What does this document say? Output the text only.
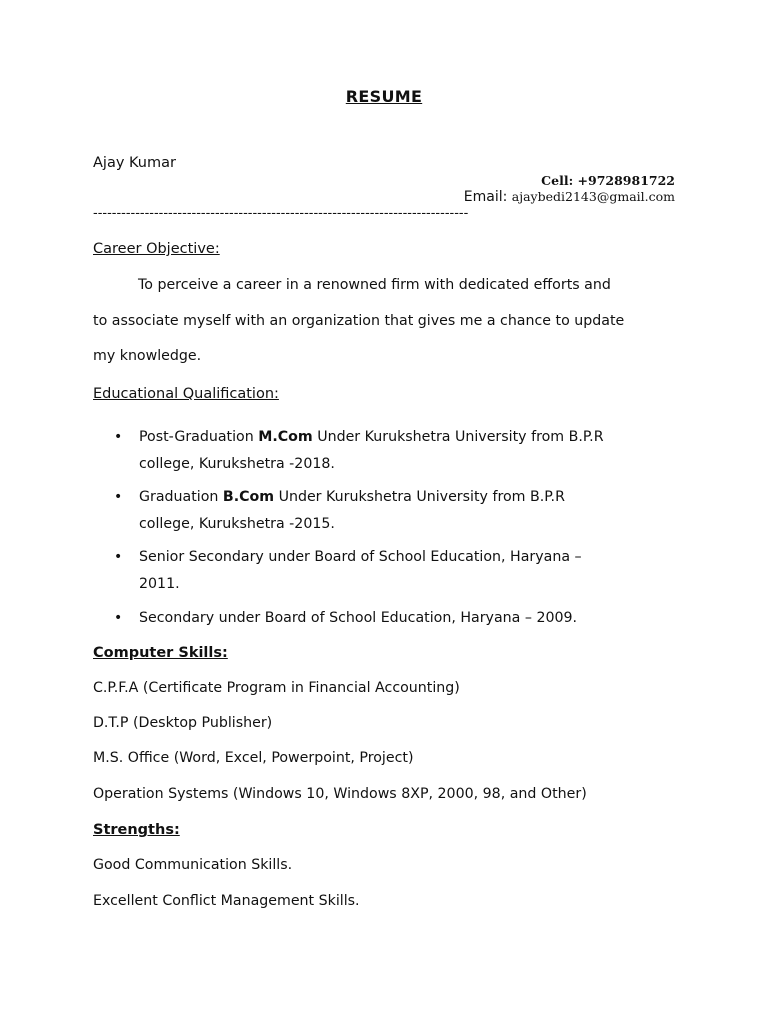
RESUME
Ajay Kumar
Cell: +9728981722
Email: ajaybedi2143@gmail.com
--------------------------------------------------------------------------------
Career Objective:
To perceive a career in a renowned firm with dedicated efforts and
to associate myself with an organization that gives me a chance to update
my knowledge.
Educational Qualification:
• Post-Graduation M.Com Under Kurukshetra University from B.P.R
college, Kurukshetra -2018.
• Graduation B.Com Under Kurukshetra University from B.P.R
college, Kurukshetra -2015.
• Senior Secondary under Board of School Education, Haryana –
2011.
• Secondary under Board of School Education, Haryana – 2009.
Computer Skills:
C.P.F.A (Certificate Program in Financial Accounting)
D.T.P (Desktop Publisher)
M.S. Office (Word, Excel, Powerpoint, Project)
Operation Systems (Windows 10, Windows 8XP, 2000, 98, and Other)
Strengths:
Good Communication Skills.
Excellent Conflict Management Skills.
